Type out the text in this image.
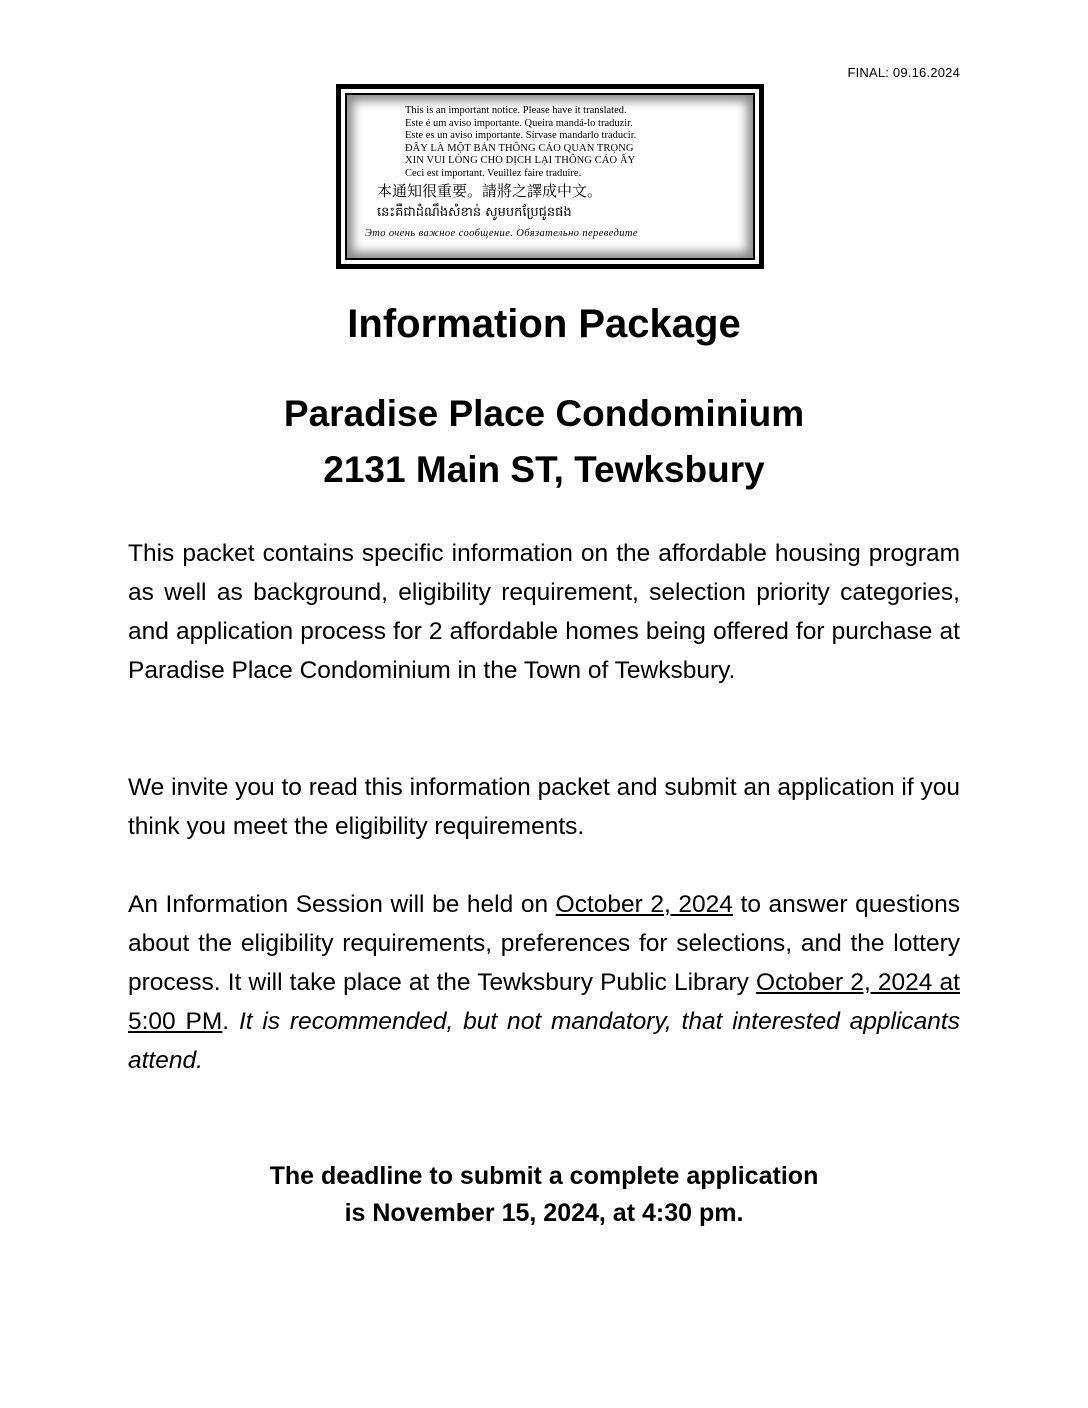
FINAL: 09.16.2024
This is an important notice. Please have it translated.
Este é um aviso importante. Queira mandá-lo traduzir.
Este es un aviso importante. Sírvase mandarlo traducir.
ĐÂY LÀ MỘT BẢN THÔNG CÁO QUAN TRỌNG
XIN VUI LÒNG CHO DỊCH LẠI THÔNG CÁO ẤY
Ceci est important. Veuillez faire traduire.
本通知很重要。請將之譯成中文。
នេះគឺជាដំណឹងសំខាន់ សូមបកប្រែជូនផង
Это очень важное сообщение. Обязательно переведите
Information Package
Paradise Place Condominium
2131 Main ST, Tewksbury
This packet contains specific information on the affordable housing program as well as background, eligibility requirement, selection priority categories, and application process for 2 affordable homes being offered for purchase at Paradise Place Condominium in the Town of Tewksbury.
We invite you to read this information packet and submit an application if you think you meet the eligibility requirements.
An Information Session will be held on October 2, 2024 to answer questions about the eligibility requirements, preferences for selections, and the lottery process. It will take place at the Tewksbury Public Library October 2, 2024 at 5:00 PM. It is recommended, but not mandatory, that interested applicants attend.
The deadline to submit a complete application
is November 15, 2024, at 4:30 pm.
